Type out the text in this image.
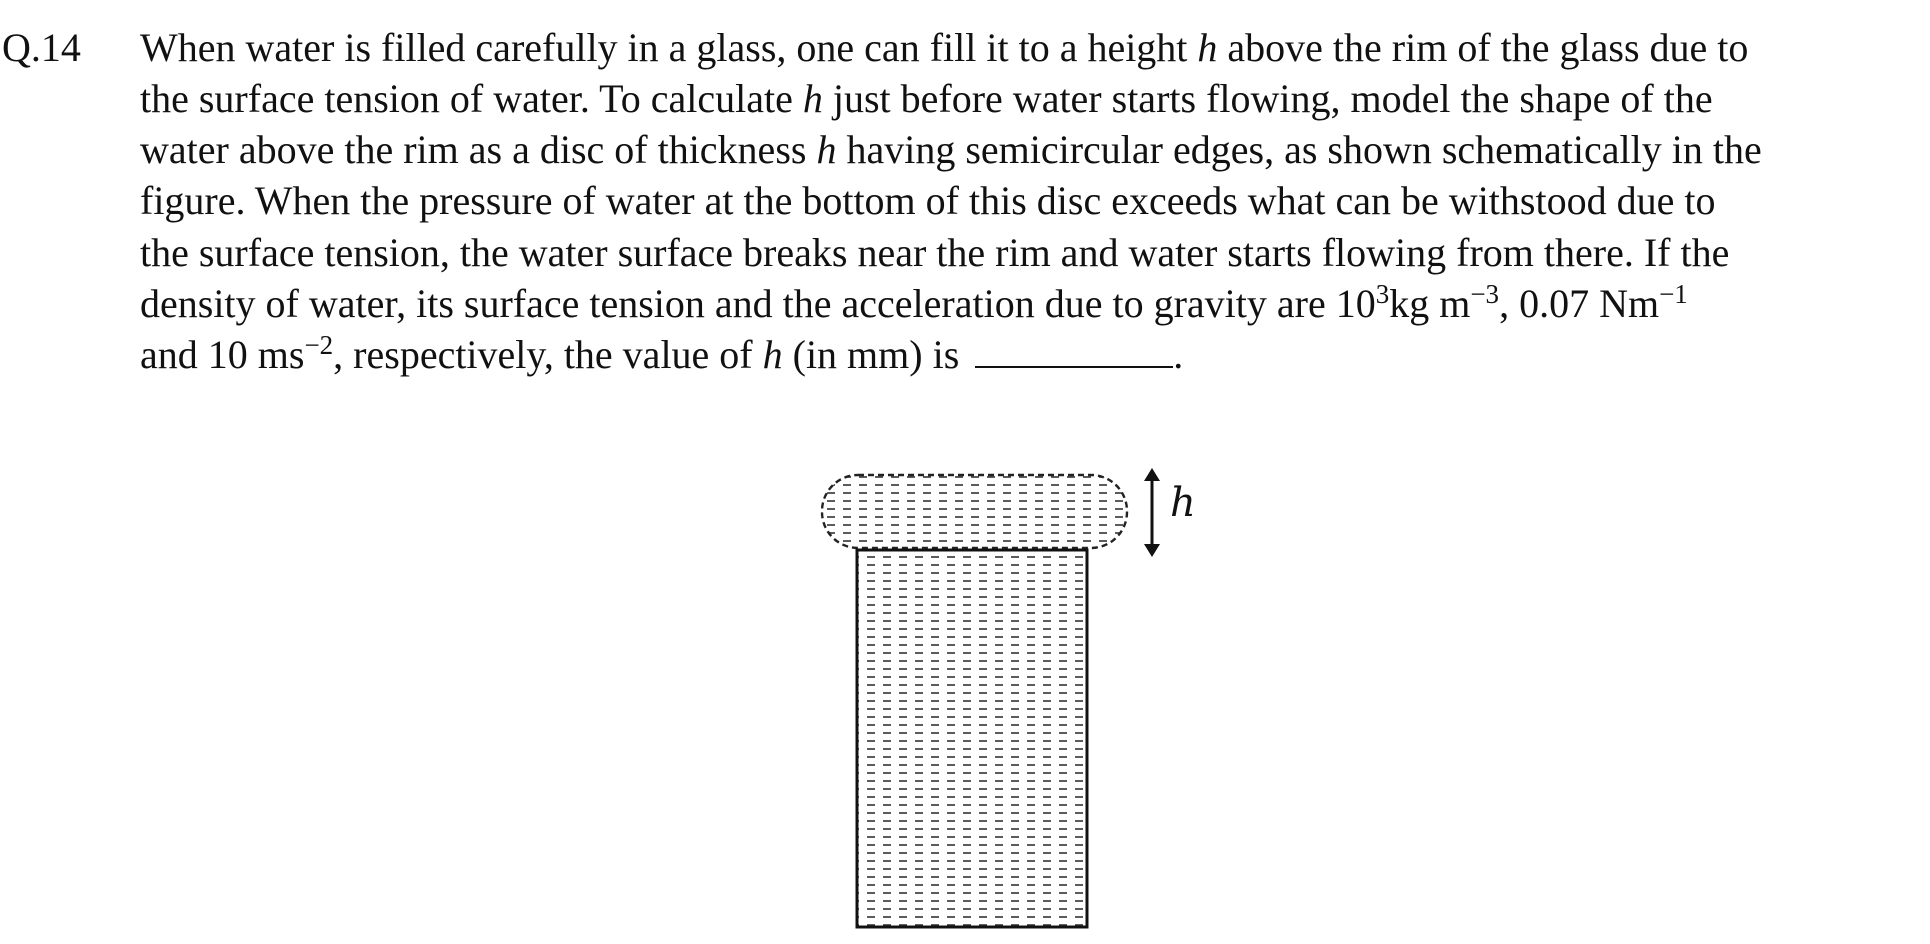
Q.14 When water is filled carefully in a glass, one can fill it to a height h above the rim of the glass due to
the surface tension of water. To calculate h just before water starts flowing, model the shape of the
water above the rim as a disc of thickness h having semicircular edges, as shown schematically in the
figure. When the pressure of water at the bottom of this disc exceeds what can be withstood due to
the surface tension, the water surface breaks near the rim and water starts flowing from there. If the
density of water, its surface tension and the acceleration due to gravity are $10^3kg$ $m^{-3}$, 0.07 $Nm^{-1}$
and 10 $ms^{-2}$, respectively, the value of h (in mm) is	.
h
